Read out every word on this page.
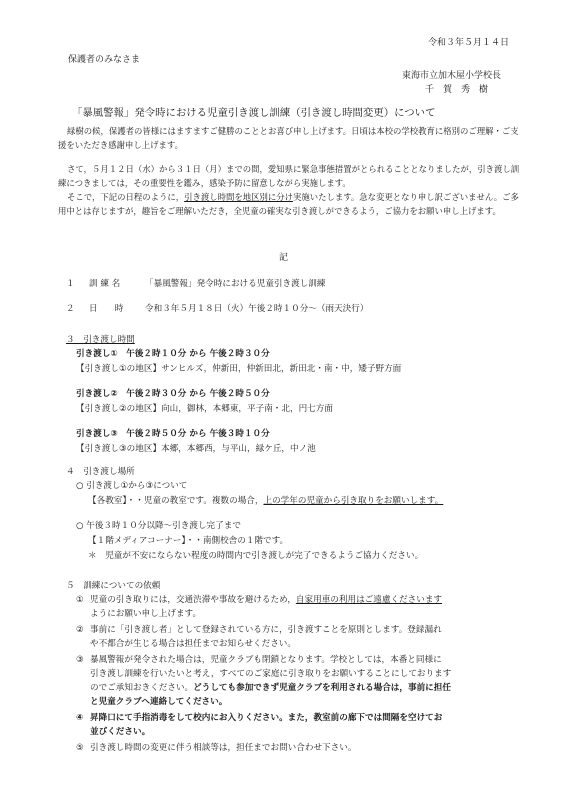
令和３年５月１４日
保護者のみなさま
東海市立加木屋小学校長
千　賀　秀　樹
「暴風警報」発令時における児童引き渡し訓練（引き渡し時間変更）について
緑樹の候，保護者の皆様にはますますご健勝のこととお喜び申し上げます。日頃は本校の学校教育に格別のご理解・ご支援をいただき感謝申し上げます。
さて，５月１２日（水）から３１日（月）までの間，愛知県に緊急事態措置がとられることとなりましたが，引き渡し訓練につきましては，その重要性を鑑み，感染予防に留意しながら実施します。
そこで，下記の日程のように，引き渡し時間を地区別に分け実施いたします。急な変更となり申し訳ございません。ご多用中とは存じますが，趣旨をご理解いただき，全児童の確実な引き渡しができるよう，ご協力をお願い申し上げます。
記
１ 訓 練 名	「暴風警報」発令時における児童引き渡し訓練
２ 日　　時	令和３年５月１８日（火）午後２時１０分～（雨天決行）
３　引き渡し時間
引き渡し①　午後２時１０分 から 午後２時３０分
【引き渡し①の地区】サンヒルズ，仲新田，仲新田北，新田北・南・中，矮子野方面
引き渡し②　午後２時３０分 から 午後２時５０分
【引き渡し②の地区】向山，御林，本郷東，平子南・北，円七方面
引き渡し③　午後２時５０分 から 午後３時１０分
【引き渡し③の地区】本郷，本郷西，与平山，緑ケ丘，中ノ池
４　引き渡し場所
○ 引き渡し①から③について
【各教室】・・児童の教室です。複数の場合，上の学年の児童から引き取りをお願いします。
○ 午後３時１０分以降～引き渡し完了まで
【１階メディアコーナー】・・南側校舎の１階です。
＊　児童が不安にならない程度の時間内で引き渡しが完了できるようご協力ください。
５　訓練についての依頼
① 児童の引き取りには，交通渋滞や事故を避けるため，自家用車の利用はご遠慮くださいます
ようにお願い申し上げます。
② 事前に「引き渡し者」として登録されている方に，引き渡すことを原則とします。登録漏れ
や不都合が生じる場合は担任までお知らせください。
③ 暴風警報が発令された場合は，児童クラブも閉鎖となります。学校としては，本番と同様に
引き渡し訓練を行いたいと考え，すべてのご家庭に引き取りをお願いすることにしております
のでご承知おきください。どうしても参加できず児童クラブを利用される場合は，事前に担任
と児童クラブへ連絡してください。
④ 昇降口にて手指消毒をして校内にお入りください。また，教室前の廊下では間隔を空けてお
並びください。
⑤ 引き渡し時間の変更に伴う相談等は，担任までお問い合わせ下さい。
